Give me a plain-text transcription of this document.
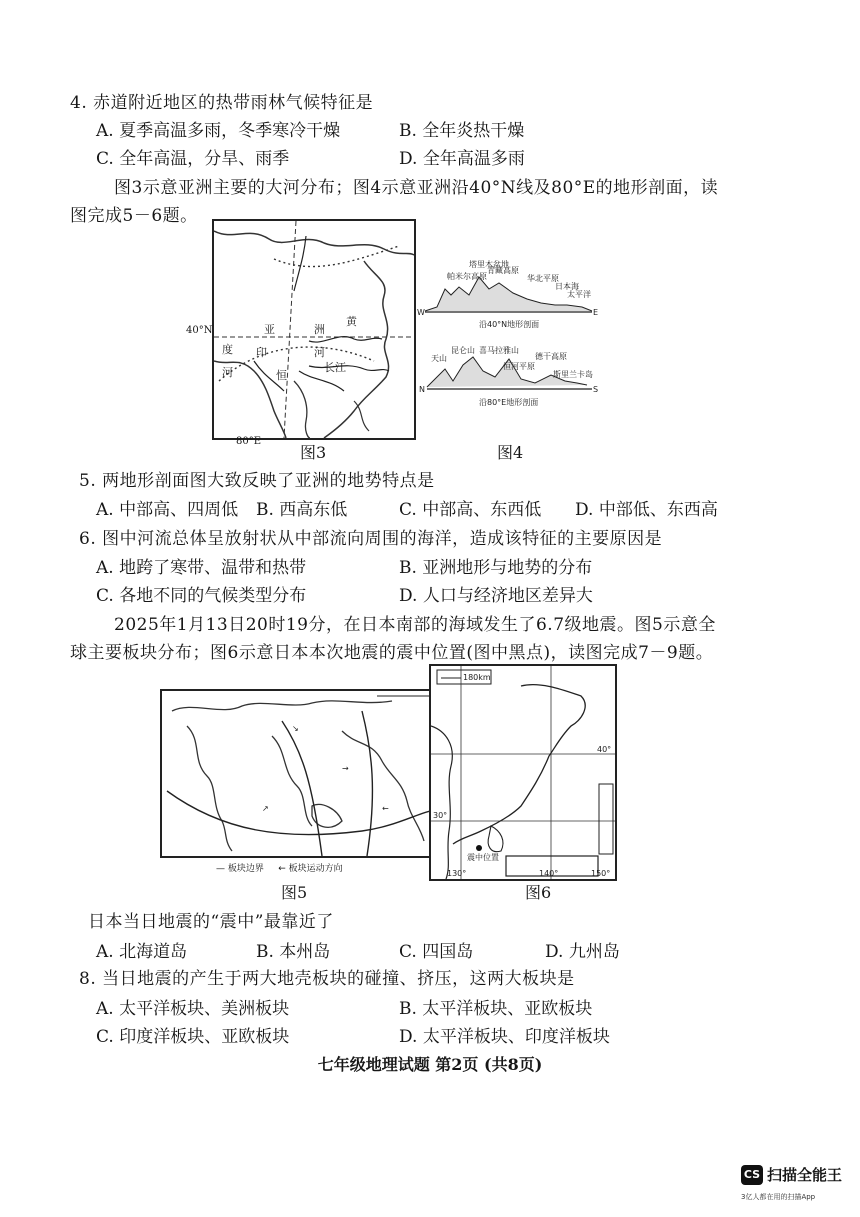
4. 赤道附近地区的热带雨林气候特征是
A. 夏季高温多雨，冬季寒冷干燥	B. 全年炎热干燥
C. 全年高温，分旱、雨季	D. 全年高温多雨
图3示意亚洲主要的大河分布；图4示意亚洲沿40°N线及80°E的地形剖面，读
图完成5－6题。
亚	洲
黄
长江
河
恒
印
度
河
40°N
80°E
图3
W	E
帕米尔高原
塔里木盆地
青藏高原
华北平原
日本海
太平洋
沿40°N地形剖面
N	S
天山
昆仑山 喜马拉雅山
德干高原
斯里兰卡岛
恒河平原
沿80°E地形剖面
图4
5. 两地形剖面图大致反映了亚洲的地势特点是
A. 中部高、四周低 B. 西高东低	C. 中部高、东西低 D. 中部低、东西高
6. 图中河流总体呈放射状从中部流向周围的海洋，造成该特征的主要原因是
A. 地跨了寒带、温带和热带	B. 亚洲地形与地势的分布
C. 各地不同的气候类型分布	D. 人口与经济地区差异大
2025年1月13日20时19分，在日本南部的海域发生了6.7级地震。图5示意全
球主要板块分布；图6示意日本本次地震的震中位置(图中黑点)，读图完成7－9题。
↘
→
↗	←
— 板块边界 ← 板块运动方向
图5
180km
震中位置
130°	140°	150°
40°
30°
图6
日本当日地震的“震中”最靠近了
A. 北海道岛	B. 本州岛	C. 四国岛	D. 九州岛
8. 当日地震的产生于两大地壳板块的碰撞、挤压，这两大板块是
A. 太平洋板块、美洲板块	B. 太平洋板块、亚欧板块
C. 印度洋板块、亚欧板块	D. 太平洋板块、印度洋板块
七年级地理试题 第2页 (共8页)
CS 扫描全能王
3亿人都在用的扫描App
